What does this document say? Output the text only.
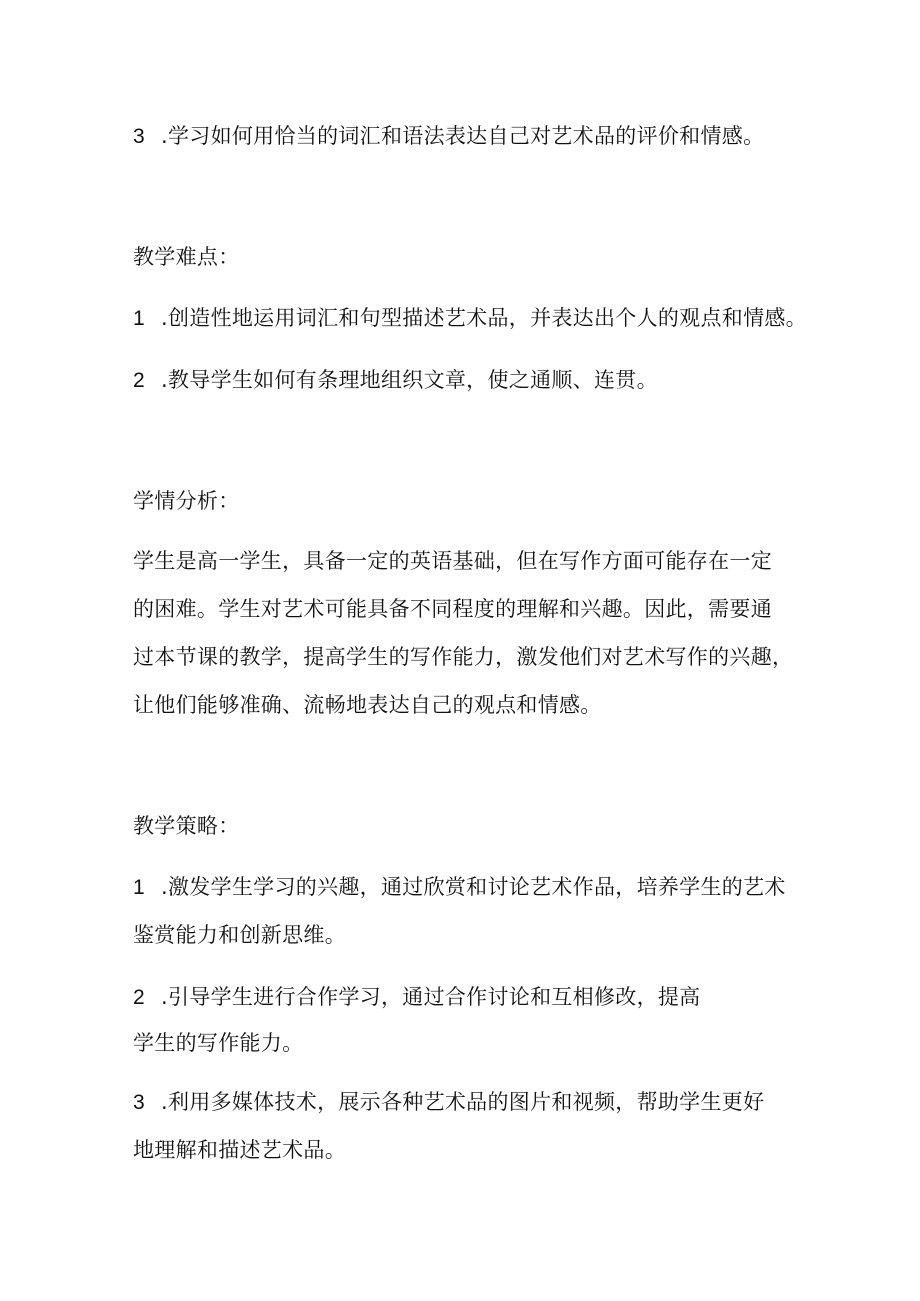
3 .学习如何用恰当的词汇和语法表达自己对艺术品的评价和情感。
教学难点：
1 .创造性地运用词汇和句型描述艺术品，并表达出个人的观点和情感。
2 .教导学生如何有条理地组织文章，使之通顺、连贯。
学情分析：
学生是高一学生，具备一定的英语基础，但在写作方面可能存在一定
的困难。学生对艺术可能具备不同程度的理解和兴趣。因此，需要通
过本节课的教学，提高学生的写作能力，激发他们对艺术写作的兴趣，
让他们能够准确、流畅地表达自己的观点和情感。
教学策略：
1 .激发学生学习的兴趣，通过欣赏和讨论艺术作品，培养学生的艺术
鉴赏能力和创新思维。
2 .引导学生进行合作学习，通过合作讨论和互相修改，提高
学生的写作能力。
3 .利用多媒体技术，展示各种艺术品的图片和视频，帮助学生更好
地理解和描述艺术品。
